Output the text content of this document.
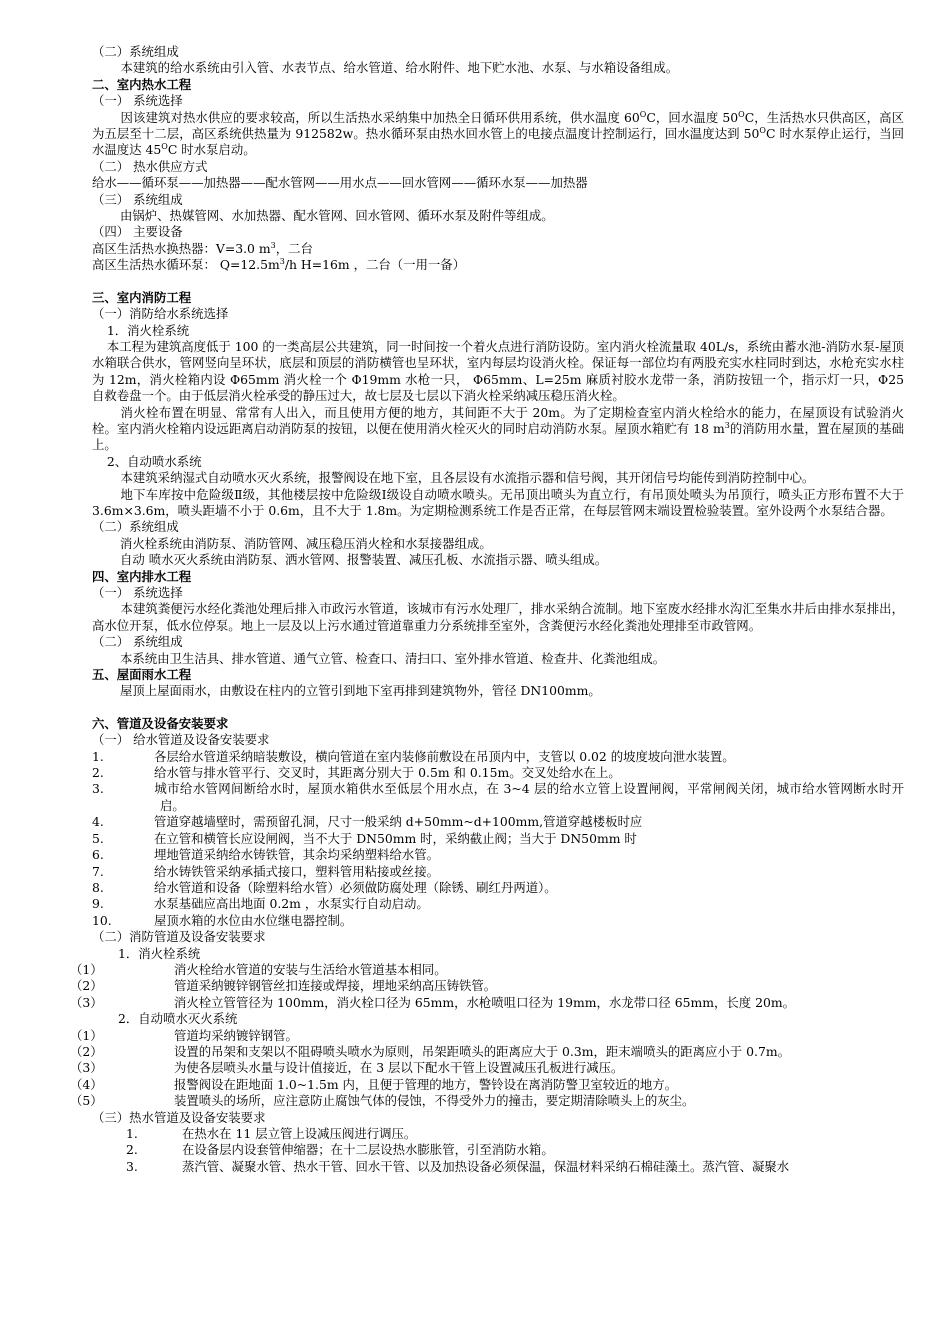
（二）系统组成

本建筑的给水系统由引入管、水表节点、给水管道、给水附件、地下贮水池、水泵、与水箱设备组成。

二、室内热水工程

（一） 系统选择

因该建筑对热水供应的要求较高，所以生活热水采纳集中加热全日循环供用系统，供水温度 $60^OC$，回水温度 $50^OC$，生活热水只供高区，高区为五层至十二层，高区系统供热量为 912582w。热水循环泵由热水回水管上的电接点温度计控制运行，回水温度达到 $50^OC$ 时水泵停止运行，当回水温度达 $45^OC$ 时水泵启动。

（二） 热水供应方式

给水——循环泵——加热器——配水管网——用水点——回水管网——循环水泵——加热器

（三） 系统组成

由锅炉、热媒管网、水加热器、配水管网、回水管网、循环水泵及附件等组成。

（四） 主要设备

高区生活热水换热器：V=3.0 $m^3$，二台

高区生活热水循环泵： $Q=12.5m^3/h$ H=16m ，二台（一用一备）

三、室内消防工程

（一）消防给水系统选择

1．消火栓系统

本工程为建筑高度低于 100 的一类高层公共建筑，同一时间按一个着火点进行消防设防。室内消火栓流量取 40L/s，系统由蓄水池-消防水泵-屋顶水箱联合供水，管网竖向呈环状，底层和顶层的消防横管也呈环状，室内每层均设消火栓。保证每一部位均有两股充实水柱同时到达，水枪充实水柱为 12m，消火栓箱内设 Φ65mm 消火栓一个 Φ19mm 水枪一只， Φ65mm、L=25m 麻质衬胶水龙带一条，消防按钮一个，指示灯一只，Φ25 自救卷盘一个。由于低层消火栓承受的静压过大，故七层及七层以下消火栓采纳减压稳压消火栓。

消火栓布置在明显、常常有人出入，而且使用方便的地方，其间距不大于 20m。为了定期检查室内消火栓给水的能力，在屋顶设有试验消火栓。室内消火栓箱内设远距离启动消防泵的按钮，以便在使用消火栓灭火的同时启动消防水泵。屋顶水箱贮有 18 $m^3$的消防用水量，置在屋顶的基础上。

2、自动喷水系统

本建筑采纳湿式自动喷水灭火系统，报警阀设在地下室，且各层设有水流指示器和信号阀，其开闭信号均能传到消防控制中心。

地下车库按中危险级Ⅱ级，其他楼层按中危险级Ⅰ级设自动喷水喷头。无吊顶出喷头为直立行，有吊顶处喷头为吊顶行，喷头正方形布置不大于 3.6m×3.6m，喷头距墙不小于 0.6m，且不大于 1.8m。为定期检测系统工作是否正常，在每层管网末端设置检验装置。室外设两个水泵结合器。

（二）系统组成

消火栓系统由消防泵、消防管网、减压稳压消火栓和水泵接器组成。

自动 喷水灭火系统由消防泵、洒水管网、报警装置、减压孔板、水流指示器、喷头组成。

四、室内排水工程

（一） 系统选择

本建筑粪便污水经化粪池处理后排入市政污水管道，该城市有污水处理厂，排水采纳合流制。地下室废水经排水沟汇至集水井后由排水泵排出，高水位开泵，低水位停泵。地上一层及以上污水通过管道靠重力分系统排至室外，含粪便污水经化粪池处理排至市政管网。

（二） 系统组成

本系统由卫生洁具、排水管道、通气立管、检查口、清扫口、室外排水管道、检查井、化粪池组成。

五、屋面雨水工程

屋顶上屋面雨水，由敷设在柱内的立管引到地下室再排到建筑物外，管径 DN100mm。

六、管道及设备安装要求

（一） 给水管道及设备安装要求

1.	各层给水管道采纳暗装敷设，横向管道在室内装修前敷设在吊顶内中，支管以 0.02 的坡度坡向泄水装置。

2.	给水管与排水管平行、交叉时，其距离分别大于 0.5m 和 0.15m。交叉处给水在上。

3.	城市给水管网间断给水时，屋顶水箱供水至低层个用水点，在 3~4 层的给水立管上设置闸阀，平常闸阀关闭，城市给水管网断水时开启。

4.	管道穿越墙壁时，需预留孔洞，尺寸一般采纳 d+50mm~d+100mm,管道穿越楼板时应

5.	在立管和横管长应设闸阀，当不大于 DN50mm 时，采纳截止阀；当大于 DN50mm 时

6.	埋地管道采纳给水铸铁管，其余均采纳塑料给水管。

7.	给水铸铁管采纳承插式接口，塑料管用粘接或丝接。

8.	给水管道和设备（除塑料给水管）必须做防腐处理（除锈、刷红丹两道）。

9.	水泵基础应高出地面 0.2m ，水泵实行自动启动。

10.	屋顶水箱的水位由水位继电器控制。

（二）消防管道及设备安装要求

1．消火栓系统

（1）	消火栓给水管道的安装与生活给水管道基本相同。

（2）	管道采纳镀锌钢管丝扣连接或焊接，埋地采纳高压铸铁管。

（3）	消火栓立管管径为 100mm，消火栓口径为 65mm，水枪喷咀口径为 19mm，水龙带口径 65mm，长度 20m。

2．自动喷水灭火系统

（1）	管道均采纳镀锌钢管。

（2）	设置的吊架和支架以不阻碍喷头喷水为原则，吊架距喷头的距离应大于 0.3m，距末端喷头的距离应小于 0.7m。

（3）	为使各层喷头水量与设计值接近，在 3 层以下配水干管上设置减压孔板进行减压。

（4）	报警阀设在距地面 1.0~1.5m 内，且便于管理的地方，警铃设在离消防警卫室较近的地方。

（5）	装置喷头的场所，应注意防止腐蚀气体的侵蚀，不得受外力的撞击，要定期清除喷头上的灰尘。

（三）热水管道及设备安装要求

1.	在热水在 11 层立管上设减压阀进行调压。

2.	在设备层内设套管伸缩器；在十二层设热水膨胀管，引至消防水箱。

3.	蒸汽管、凝聚水管、热水干管、回水干管、以及加热设备必须保温，保温材料采纳石棉硅藻土。蒸汽管、凝聚水
